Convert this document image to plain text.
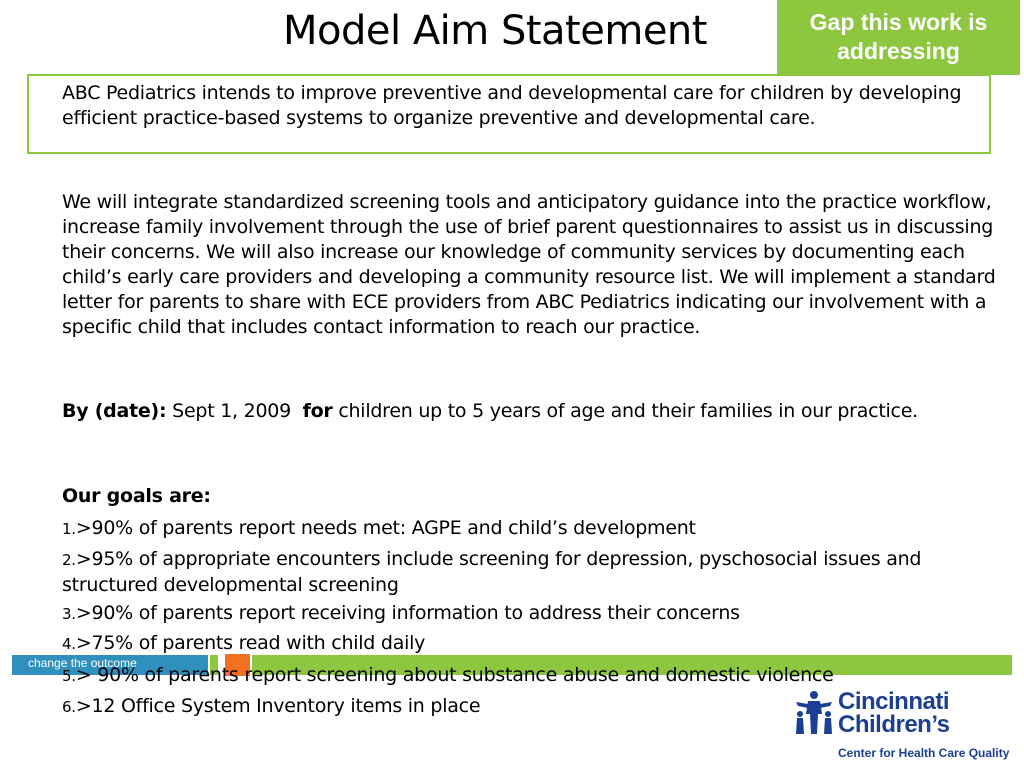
Model Aim Statement	Gap this work is addressing
change the outcome
ABC Pediatrics intends to improve preventive and developmental care for children by developing efficient practice-based systems to organize preventive and developmental care.
We will integrate standardized screening tools and anticipatory guidance into the practice workflow, increase family involvement through the use of brief parent questionnaires to assist us in discussing their concerns. We will also increase our knowledge of community services by documenting each child’s early care providers and developing a community resource list. We will implement a standard letter for parents to share with ECE providers from ABC Pediatrics indicating our involvement with a specific child that includes contact information to reach our practice.
By (date): Sept 1, 2009 for children up to 5 years of age and their families in our practice.
Our goals are:
1.>90% of parents report needs met: AGPE and child’s development
2.>95% of appropriate encounters include screening for depression, pyschosocial issues and structured developmental screening
3.>90% of parents report receiving information to address their concerns
4.>75% of parents read with child daily
5.> 90% of parents report screening about substance abuse and domestic violence
6.>12 Office System Inventory items in place	Cincinnati
Children’s
Center for Health Care Quality
